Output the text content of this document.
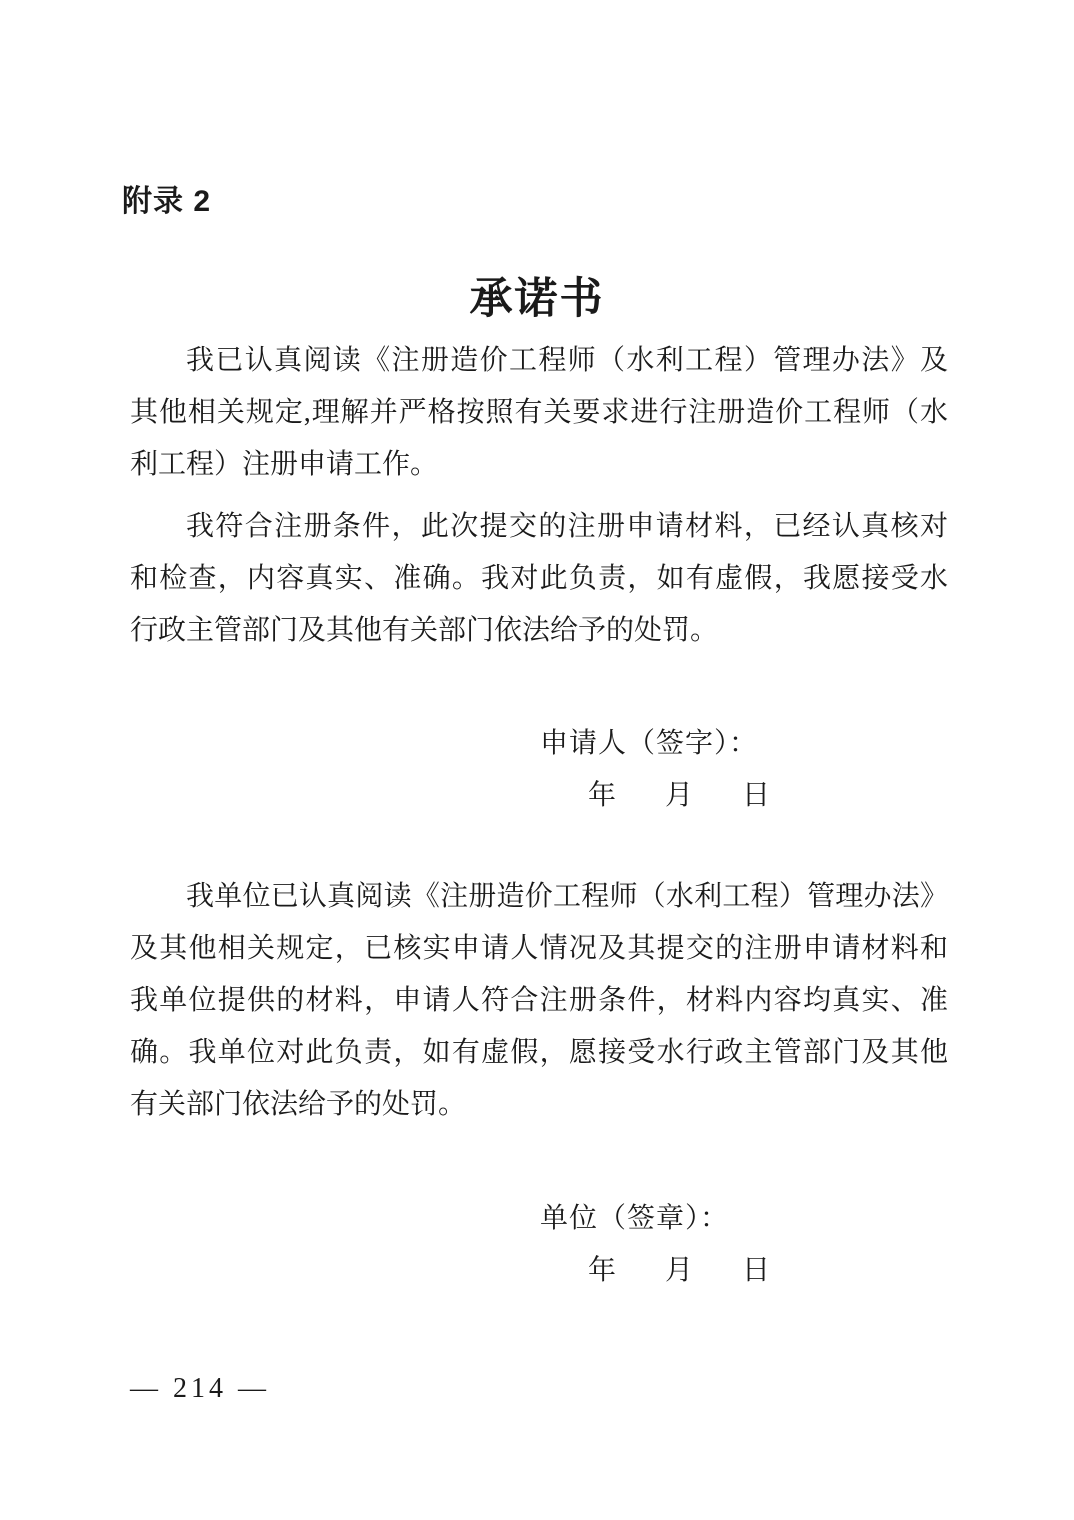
附录 2
承诺书
我已认真阅读《注册造价工程师（水利工程）管理办法》及
其他相关规定,理解并严格按照有关要求进行注册造价工程师（水
利工程）注册申请工作。
我符合注册条件，此次提交的注册申请材料，已经认真核对
和检查，内容真实、准确。我对此负责，如有虚假，我愿接受水
行政主管部门及其他有关部门依法给予的处罚。
申请人（签字）：
年 月 日
我单位已认真阅读《注册造价工程师（水利工程）管理办法》
及其他相关规定，已核实申请人情况及其提交的注册申请材料和
我单位提供的材料，申请人符合注册条件，材料内容均真实、准
确。我单位对此负责，如有虚假，愿接受水行政主管部门及其他
有关部门依法给予的处罚。
单位（签章）：
年 月 日
— 214 —
